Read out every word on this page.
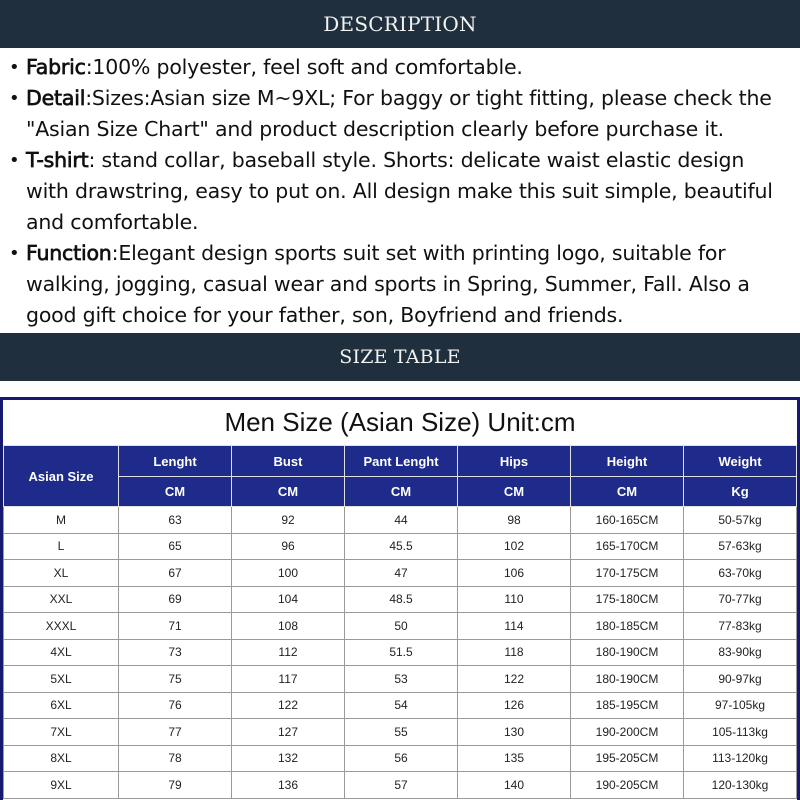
DESCRIPTION
• Fabric:100% polyester, feel soft and comfortable.
• Detail:Sizes:Asian size M~9XL; For baggy or tight fitting, please check the "Asian Size Chart" and product description clearly before purchase it.
• T-shirt: stand collar, baseball style. Shorts: delicate waist elastic design with drawstring, easy to put on. All design make this suit simple, beautiful and comfortable.
• Function:Elegant design sports suit set with printing logo, suitable for walking, jogging, casual wear and sports in Spring, Summer, Fall. Also a good gift choice for your father, son, Boyfriend and friends.
SIZE TABLE
Men Size (Asian Size) Unit:cm
Asian Size	Lenght	Bust	Pant Lenght	Hips	Height	Weight
	CM	CM	CM	CM	CM	Kg
M	63	92	44	98	160-165CM	50-57kg
L	65	96	45.5	102	165-170CM	57-63kg
XL	67	100	47	106	170-175CM	63-70kg
XXL	69	104	48.5	110	175-180CM	70-77kg
XXXL	71	108	50	114	180-185CM	77-83kg
4XL	73	112	51.5	118	180-190CM	83-90kg
5XL	75	117	53	122	180-190CM	90-97kg
6XL	76	122	54	126	185-195CM	97-105kg
7XL	77	127	55	130	190-200CM	105-113kg
8XL	78	132	56	135	195-205CM	113-120kg
9XL	79	136	57	140	190-205CM	120-130kg
